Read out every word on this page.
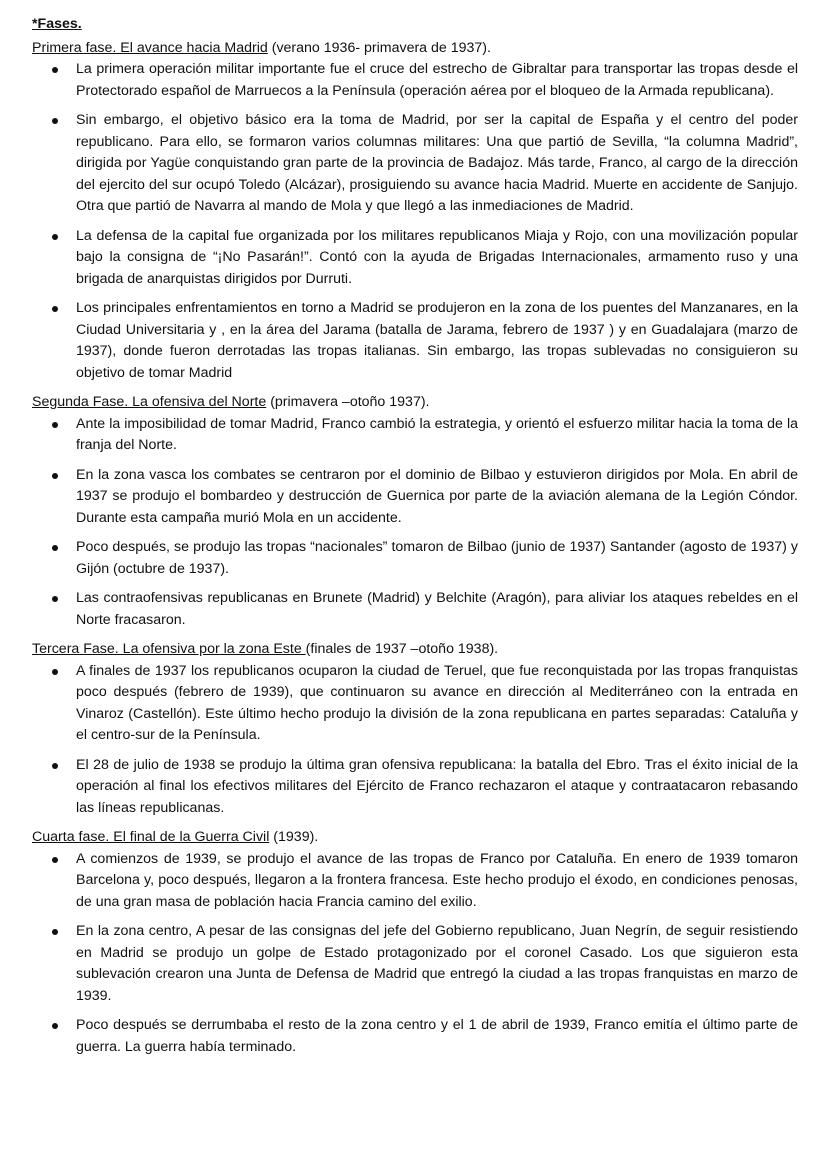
*Fases.

Primera fase. El avance hacia Madrid (verano 1936- primavera de 1937).

La primera operación militar importante fue el cruce del estrecho de Gibraltar para transportar las tropas desde el Protectorado español de Marruecos a la Península (operación aérea por el bloqueo de la Armada republicana).
Sin embargo, el objetivo básico era la toma de Madrid, por ser la capital de España y el centro del poder republicano. Para ello, se formaron varios columnas militares: Una que partió de Sevilla, “la columna Madrid”, dirigida por Yagüe conquistando gran parte de la provincia de Badajoz. Más tarde, Franco, al cargo de la dirección del ejercito del sur ocupó Toledo (Alcázar), prosiguiendo su avance hacia Madrid. Muerte en accidente de Sanjujo. Otra que partió de Navarra al mando de Mola y que llegó a las inmediaciones de Madrid.
La defensa de la capital fue organizada por los militares republicanos Miaja y Rojo, con una movilización popular bajo la consigna de “¡No Pasarán!”. Contó con la ayuda de Brigadas Internacionales, armamento ruso y una brigada de anarquistas dirigidos por Durruti.
Los principales enfrentamientos en torno a Madrid se produjeron en la zona de los puentes del Manzanares, en la Ciudad Universitaria y , en la área del Jarama (batalla de Jarama, febrero de 1937 ) y en Guadalajara (marzo de 1937), donde fueron derrotadas las tropas italianas. Sin embargo, las tropas sublevadas no consiguieron su objetivo de tomar Madrid

Segunda Fase. La ofensiva del Norte (primavera –otoño 1937).

Ante la imposibilidad de tomar Madrid, Franco cambió la estrategia, y orientó el esfuerzo militar hacia la toma de la franja del Norte.
En la zona vasca los combates se centraron por el dominio de Bilbao y estuvieron dirigidos por Mola. En abril de 1937 se produjo el bombardeo y destrucción de Guernica por parte de la aviación alemana de la Legión Cóndor. Durante esta campaña murió Mola en un accidente.
Poco después, se produjo las tropas “nacionales” tomaron de Bilbao (junio de 1937) Santander (agosto de 1937) y Gijón (octubre de 1937).
Las contraofensivas republicanas en Brunete (Madrid) y Belchite (Aragón), para aliviar los ataques rebeldes en el Norte fracasaron.

Tercera Fase. La ofensiva por la zona Este (finales de 1937 –otoño 1938).

A finales de 1937 los republicanos ocuparon la ciudad de Teruel, que fue reconquistada por las tropas franquistas poco después (febrero de 1939), que continuaron su avance en dirección al Mediterráneo con la entrada en Vinaroz (Castellón). Este último hecho produjo la división de la zona republicana en partes separadas: Cataluña y el centro-sur de la Península.
El 28 de julio de 1938 se produjo la última gran ofensiva republicana: la batalla del Ebro. Tras el éxito inicial de la operación al final los efectivos militares del Ejército de Franco rechazaron el ataque y contraatacaron rebasando las líneas republicanas.

Cuarta fase. El final de la Guerra Civil (1939).

A comienzos de 1939, se produjo el avance de las tropas de Franco por Cataluña. En enero de 1939 tomaron Barcelona y, poco después, llegaron a la frontera francesa. Este hecho produjo el éxodo, en condiciones penosas, de una gran masa de población hacia Francia camino del exilio.
En la zona centro, A pesar de las consignas del jefe del Gobierno republicano, Juan Negrín, de seguir resistiendo en Madrid se produjo un golpe de Estado protagonizado por el coronel Casado. Los que siguieron esta sublevación crearon una Junta de Defensa de Madrid que entregó la ciudad a las tropas franquistas en marzo de 1939.
Poco después se derrumbaba el resto de la zona centro y el 1 de abril de 1939, Franco emitía el último parte de guerra. La guerra había terminado.
